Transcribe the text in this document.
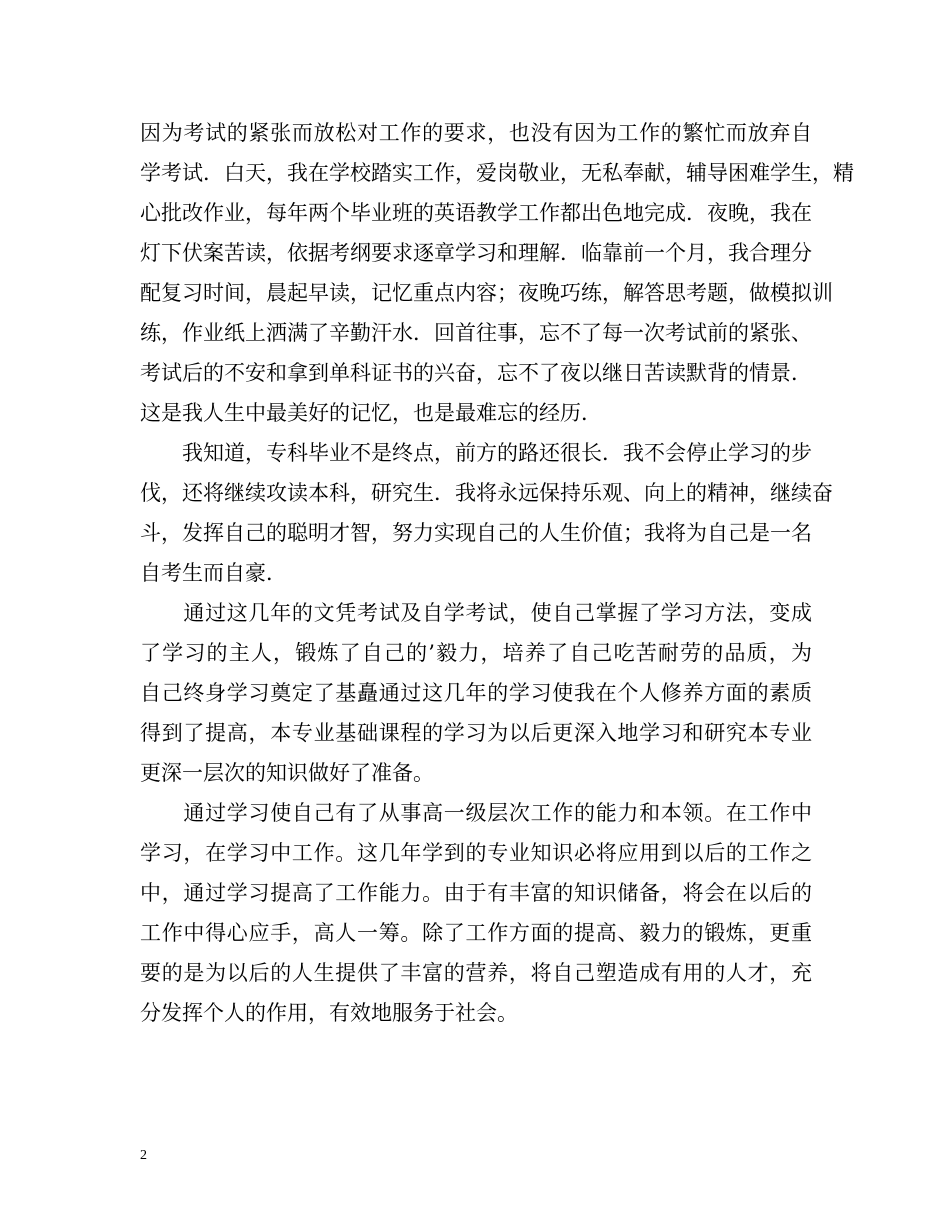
因为考试的紧张而放松对工作的要求，也没有因为工作的繁忙而放弃自
学考试．白天，我在学校踏实工作，爱岗敬业，无私奉献，辅导困难学生，精
心批改作业，每年两个毕业班的英语教学工作都出色地完成．夜晚，我在
灯下伏案苦读，依据考纲要求逐章学习和理解．临靠前一个月，我合理分
配复习时间，晨起早读，记忆重点内容；夜晚巧练，解答思考题，做模拟训
练，作业纸上洒满了辛勤汗水．回首往事，忘不了每一次考试前的紧张、
考试后的不安和拿到单科证书的兴奋，忘不了夜以继日苦读默背的情景．
这是我人生中最美好的记忆，也是最难忘的经历．
　　我知道，专科毕业不是终点，前方的路还很长．我不会停止学习的步
伐，还将继续攻读本科，研究生．我将永远保持乐观、向上的精神，继续奋
斗，发挥自己的聪明才智，努力实现自己的人生价值；我将为自己是一名
自考生而自豪．
　　通过这几年的文凭考试及自学考试，使自己掌握了学习方法，变成
了学习的主人，锻炼了自己的’毅力，培养了自己吃苦耐劳的品质，为
自己终身学习奠定了基矗通过这几年的学习使我在个人修养方面的素质
得到了提高，本专业基础课程的学习为以后更深入地学习和研究本专业
更深一层次的知识做好了准备。
　　通过学习使自己有了从事高一级层次工作的能力和本领。在工作中
学习，在学习中工作。这几年学到的专业知识必将应用到以后的工作之
中，通过学习提高了工作能力。由于有丰富的知识储备，将会在以后的
工作中得心应手，高人一筹。除了工作方面的提高、毅力的锻炼，更重
要的是为以后的人生提供了丰富的营养，将自己塑造成有用的人才，充
分发挥个人的作用，有效地服务于社会。
2
